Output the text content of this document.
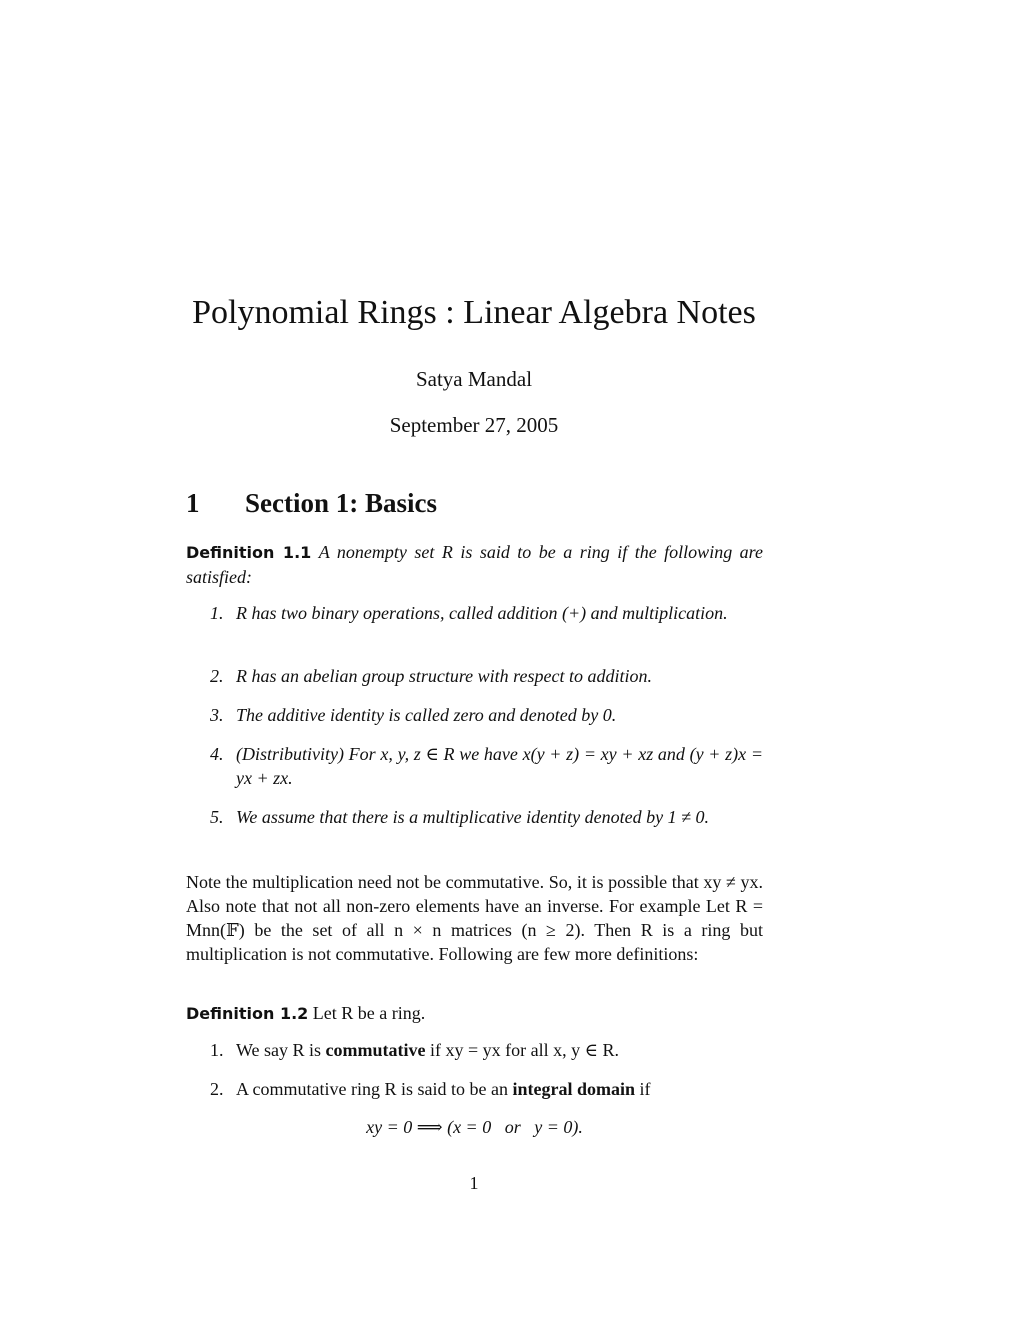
Polynomial Rings : Linear Algebra Notes
Satya Mandal
September 27, 2005
1 Section 1: Basics
Definition 1.1 A nonempty set R is said to be a ring if the following are satisfied:
1. R has two binary operations, called addition (+) and multiplication.
2. R has an abelian group structure with respect to addition.
3. The additive identity is called zero and denoted by 0.
4. (Distributivity) For x, y, z ∈ R we have x(y + z) = xy + xz and (y + z)x = yx + zx.
5. We assume that there is a multiplicative identity denoted by 1 ≠ 0.
Note the multiplication need not be commutative. So, it is possible that xy ≠ yx. Also note that not all non-zero elements have an inverse. For example Let R = Mnn(𝔽) be the set of all n × n matrices (n ≥ 2). Then R is a ring but multiplication is not commutative. Following are few more definitions:
Definition 1.2 Let R be a ring.
1. We say R is commutative if xy = yx for all x, y ∈ R.
2. A commutative ring R is said to be an integral domain if
xy = 0 ⟹ (x = 0   or   y = 0).
1
